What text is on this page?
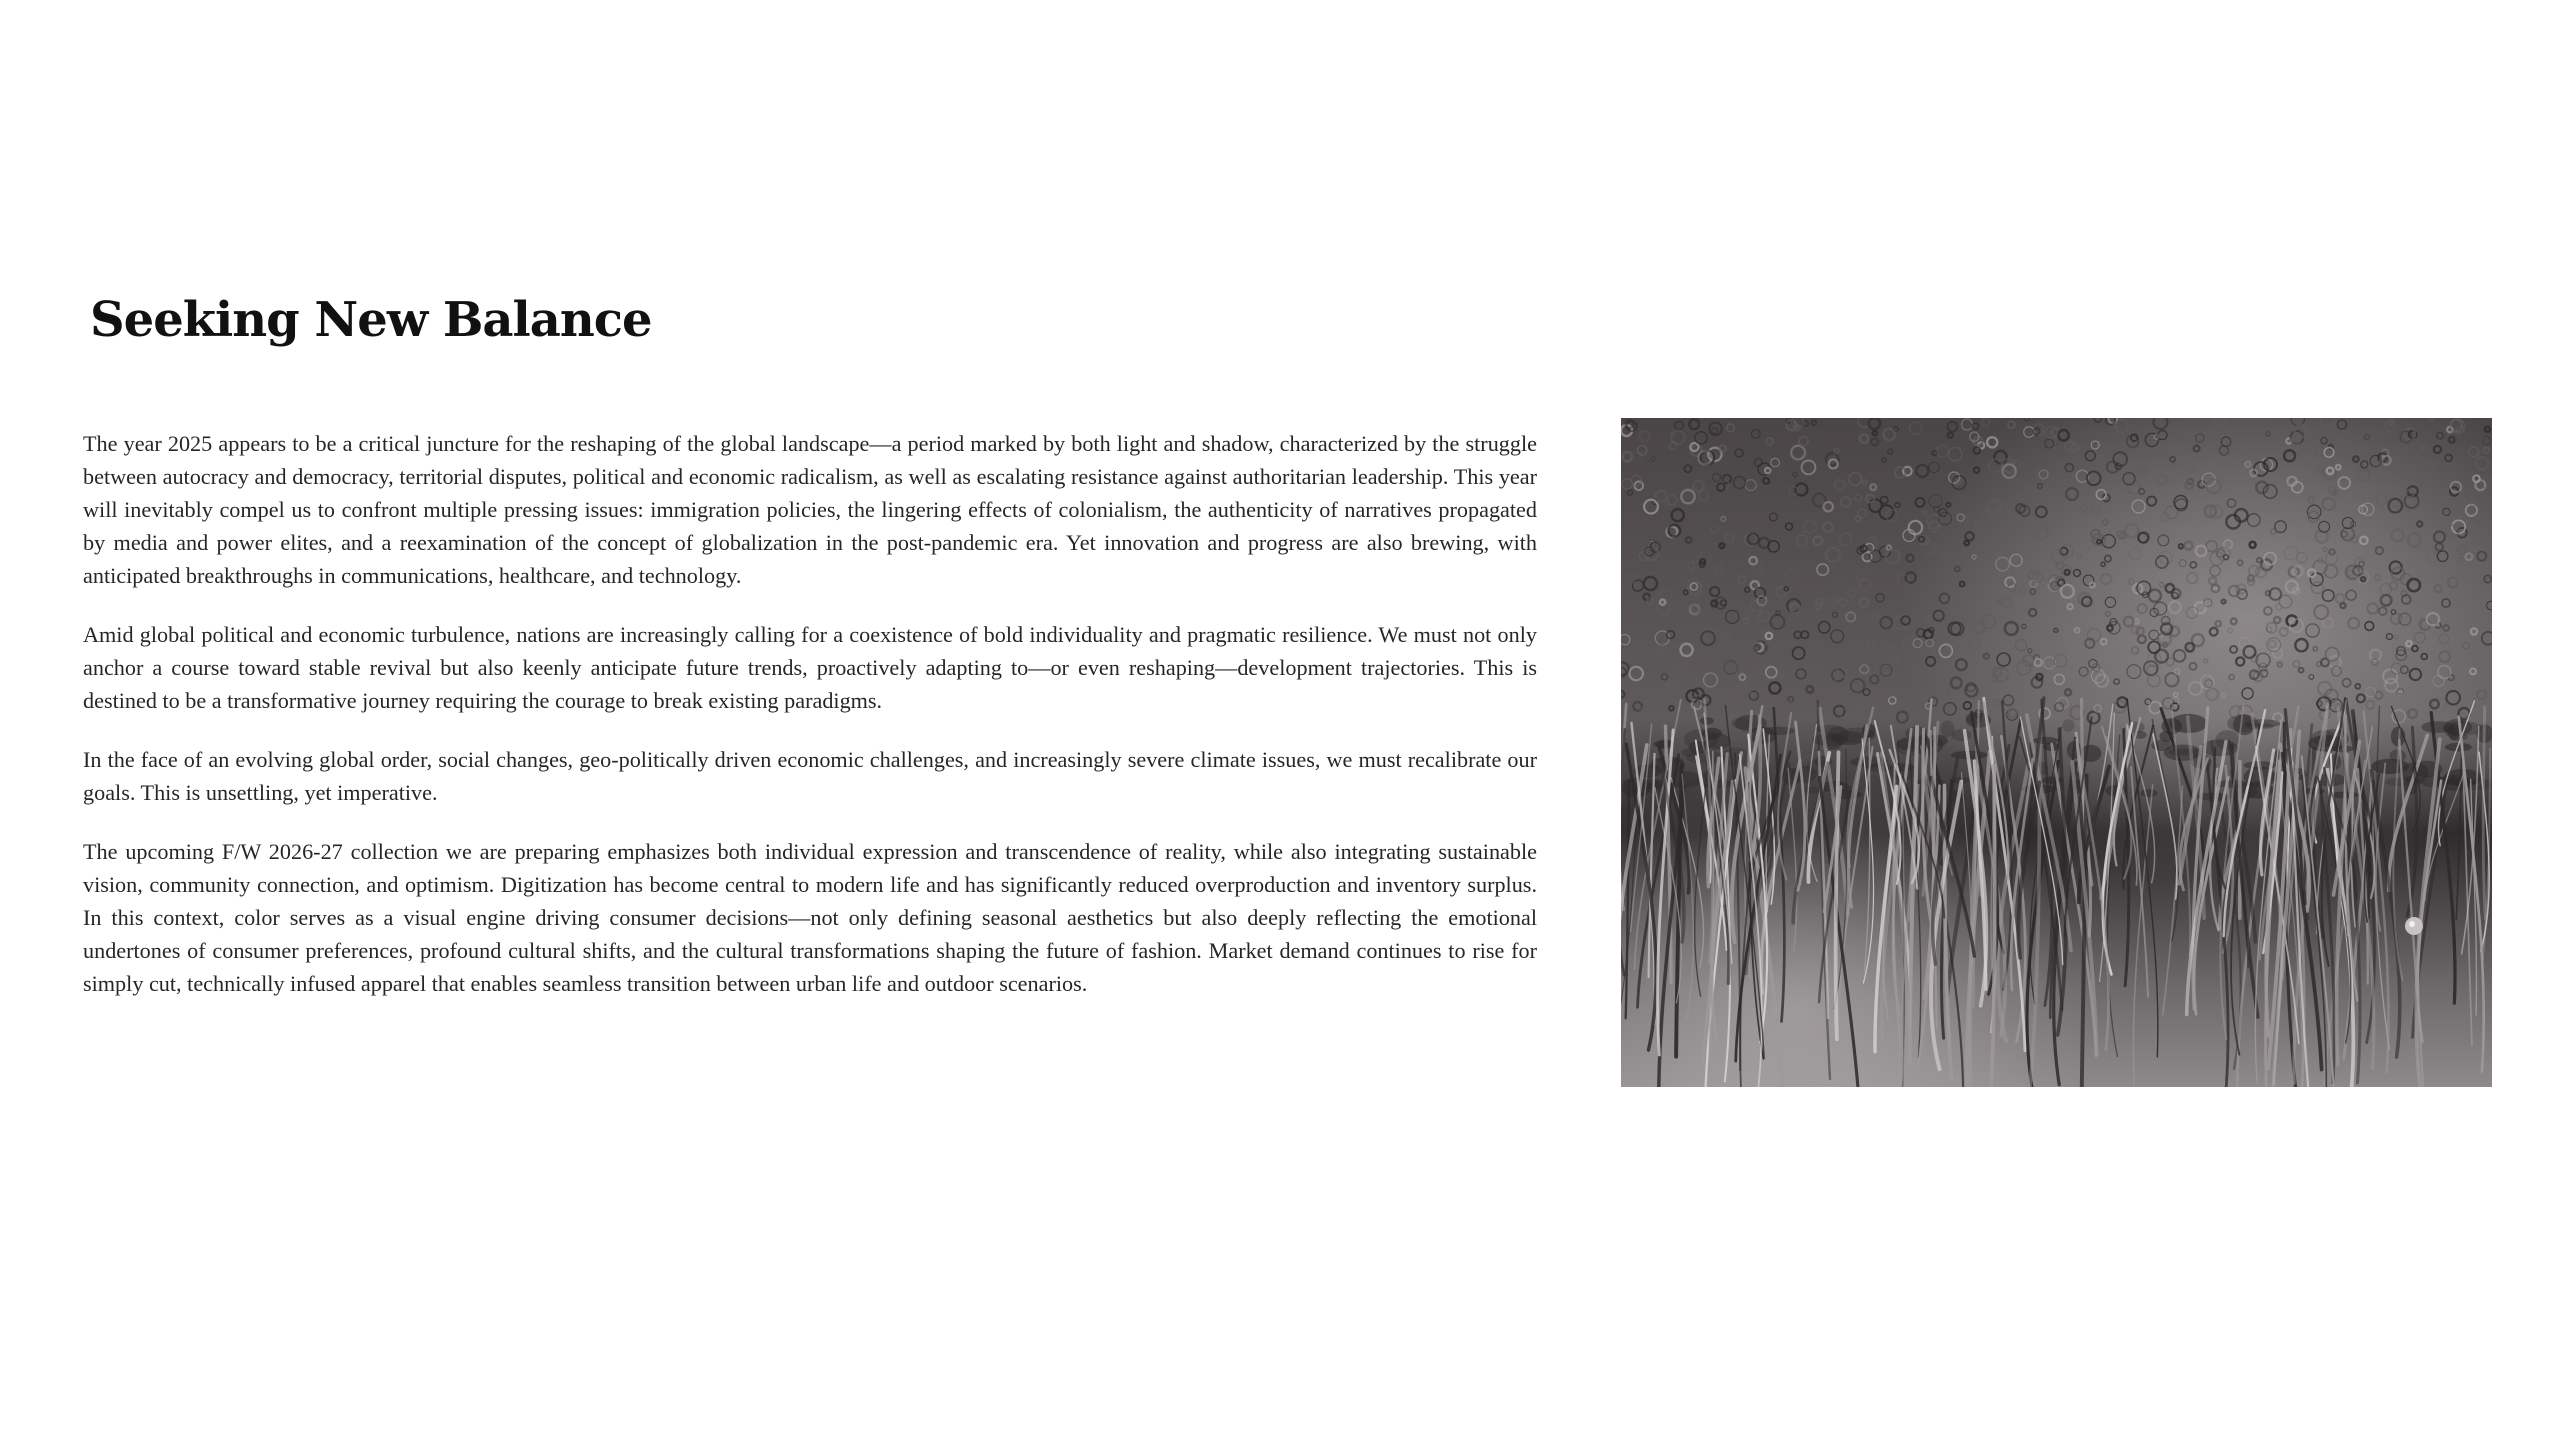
Seeking New Balance

The year 2025 appears to be a critical juncture for the reshaping of the global landscape—a period marked by both light and shadow, characterized by the struggle between autocracy and democracy, territorial disputes, political and economic radicalism, as well as escalating resistance against authoritarian leadership. This year will inevitably compel us to confront multiple pressing issues: immigration policies, the lingering effects of colonialism, the authenticity of narratives propagated by media and power elites, and a reexamination of the concept of globalization in the post-pandemic era. Yet innovation and progress are also brewing, with anticipated breakthroughs in communications, healthcare, and technology.

Amid global political and economic turbulence, nations are increasingly calling for a coexistence of bold individuality and pragmatic resilience. We must not only anchor a course toward stable revival but also keenly anticipate future trends, proactively adapting to—or even reshaping—development trajectories. This is destined to be a transformative journey requiring the courage to break existing paradigms.

In the face of an evolving global order, social changes, geo-politically driven economic challenges, and increasingly severe climate issues, we must recalibrate our goals. This is unsettling, yet imperative.

The upcoming F/W 2026-27 collection we are preparing emphasizes both individual expression and transcendence of reality, while also integrating sustainable vision, community connection, and optimism. Digitization has become central to modern life and has significantly reduced overproduction and inventory surplus. In this context, color serves as a visual engine driving consumer decisions—not only defining seasonal aesthetics but also deeply reflecting the emotional undertones of consumer preferences, profound cultural shifts, and the cultural transformations shaping the future of fashion. Market demand continues to rise for simply cut, technically infused apparel that enables seamless transition between urban life and outdoor scenarios.
